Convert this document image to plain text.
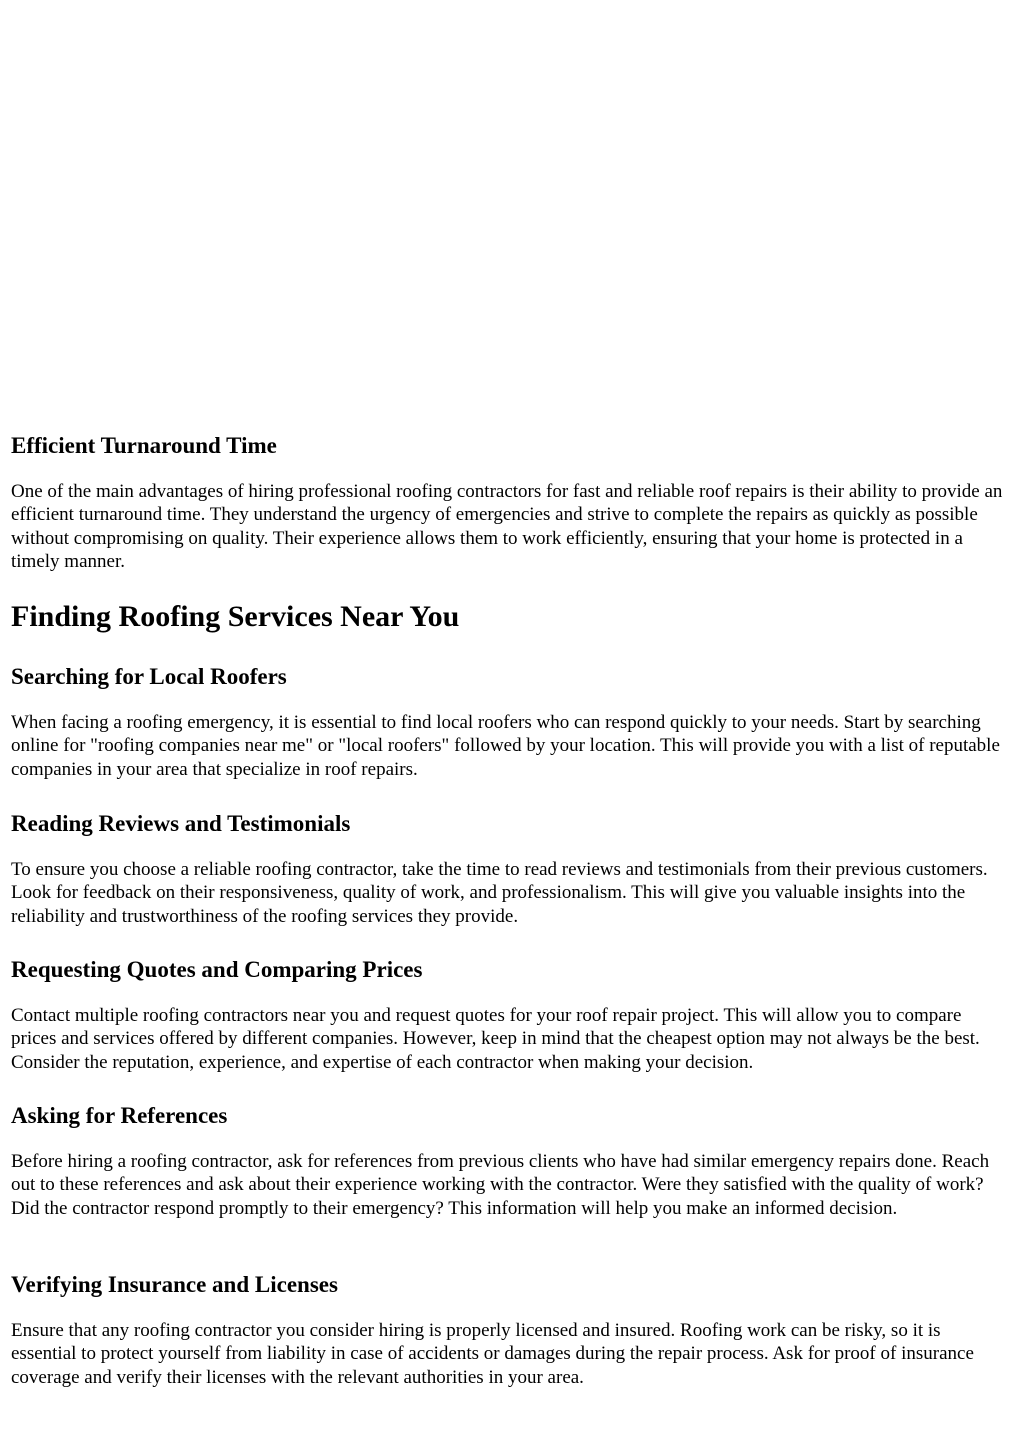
Efficient Turnaround Time
One of the main advantages of hiring professional roofing contractors for fast and reliable roof repairs is their ability to provide an efficient turnaround time. They understand the urgency of emergencies and strive to complete the repairs as quickly as possible without compromising on quality. Their experience allows them to work efficiently, ensuring that your home is protected in a timely manner.
Finding Roofing Services Near You
Searching for Local Roofers
When facing a roofing emergency, it is essential to find local roofers who can respond quickly to your needs. Start by searching online for "roofing companies near me" or "local roofers" followed by your location. This will provide you with a list of reputable companies in your area that specialize in roof repairs.
Reading Reviews and Testimonials
To ensure you choose a reliable roofing contractor, take the time to read reviews and testimonials from their previous customers. Look for feedback on their responsiveness, quality of work, and professionalism. This will give you valuable insights into the reliability and trustworthiness of the roofing services they provide.
Requesting Quotes and Comparing Prices
Contact multiple roofing contractors near you and request quotes for your roof repair project. This will allow you to compare prices and services offered by different companies. However, keep in mind that the cheapest option may not always be the best. Consider the reputation, experience, and expertise of each contractor when making your decision.
Asking for References
Before hiring a roofing contractor, ask for references from previous clients who have had similar emergency repairs done. Reach out to these references and ask about their experience working with the contractor. Were they satisfied with the quality of work? Did the contractor respond promptly to their emergency? This information will help you make an informed decision.
Verifying Insurance and Licenses
Ensure that any roofing contractor you consider hiring is properly licensed and insured. Roofing work can be risky, so it is essential to protect yourself from liability in case of accidents or damages during the repair process. Ask for proof of insurance coverage and verify their licenses with the relevant authorities in your area.
